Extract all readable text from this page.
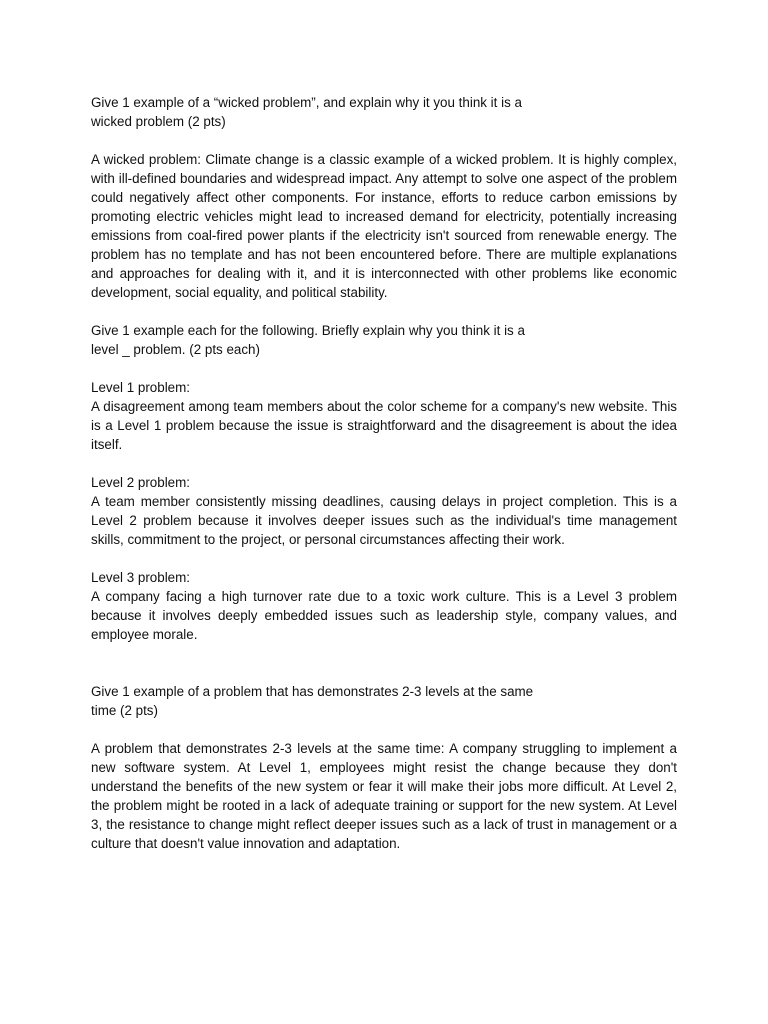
Give 1 example of a “wicked problem”, and explain why it you think it is a
wicked problem (2 pts)

A wicked problem: Climate change is a classic example of a wicked problem. It is highly complex, with ill-defined boundaries and widespread impact. Any attempt to solve one aspect of the problem could negatively affect other components. For instance, efforts to reduce carbon emissions by promoting electric vehicles might lead to increased demand for electricity, potentially increasing emissions from coal-fired power plants if the electricity isn't sourced from renewable energy. The problem has no template and has not been encountered before. There are multiple explanations and approaches for dealing with it, and it is interconnected with other problems like economic development, social equality, and political stability.

Give 1 example each for the following. Briefly explain why you think it is a
level _ problem. (2 pts each)

Level 1 problem:

A disagreement among team members about the color scheme for a company's new website. This is a Level 1 problem because the issue is straightforward and the disagreement is about the idea itself.

Level 2 problem:

A team member consistently missing deadlines, causing delays in project completion. This is a Level 2 problem because it involves deeper issues such as the individual's time management skills, commitment to the project, or personal circumstances affecting their work.

Level 3 problem:

A company facing a high turnover rate due to a toxic work culture. This is a Level 3 problem because it involves deeply embedded issues such as leadership style, company values, and employee morale.

Give 1 example of a problem that has demonstrates 2-3 levels at the same
time (2 pts)

A problem that demonstrates 2-3 levels at the same time: A company struggling to implement a new software system. At Level 1, employees might resist the change because they don't understand the benefits of the new system or fear it will make their jobs more difficult. At Level 2, the problem might be rooted in a lack of adequate training or support for the new system. At Level 3, the resistance to change might reflect deeper issues such as a lack of trust in management or a culture that doesn't value innovation and adaptation.
